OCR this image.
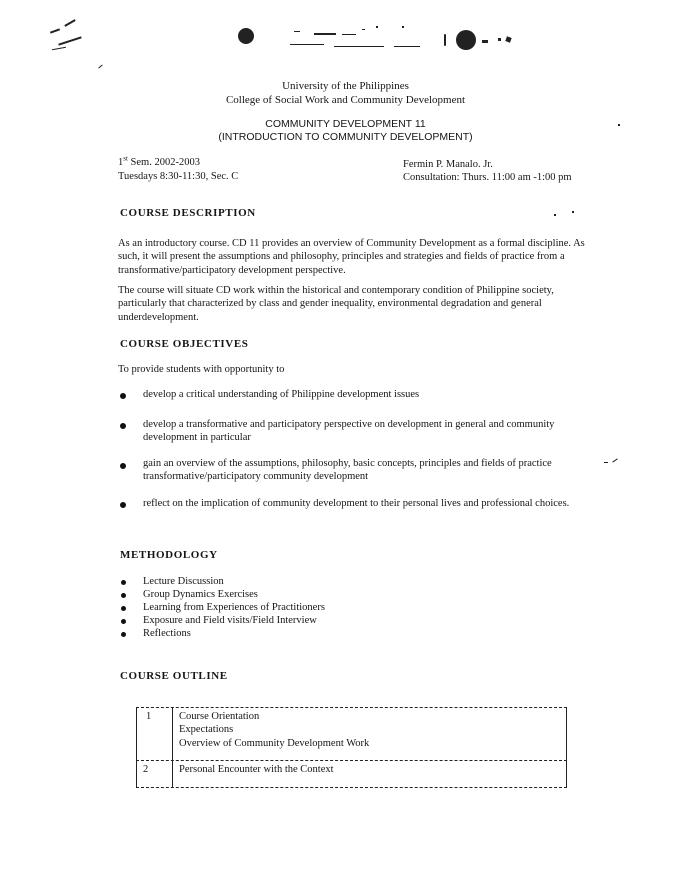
University of the Philippines
College of Social Work and Community Development
COMMUNITY DEVELOPMENT 11
(INTRODUCTION TO COMMUNITY DEVELOPMENT)
1st Sem. 2002-2003
Tuesdays 8:30-11:30, Sec. C
Fermin P. Manalo. Jr.
Consultation: Thurs. 11:00 am -1:00 pm
COURSE DESCRIPTION
As an introductory course. CD 11 provides an overview of Community Development as a formal discipline. As such, it will present the assumptions and philosophy, principles and strategies and fields of practice from a transformative/participatory development perspective.
The course will situate CD work within the historical and contemporary condition of Philippine society, particularly that characterized by class and gender inequality, environmental degradation and general underdevelopment.
COURSE OBJECTIVES
To provide students with opportunity to
develop a critical understanding of Philippine development issues
develop a transformative and participatory perspective on development in general and community development in particular
gain an overview of the assumptions, philosophy, basic concepts, principles and fields of practice transformative/participatory community development
reflect on the implication of community development to their personal lives and professional choices.
METHODOLOGY
Lecture Discussion
Group Dynamics Exercises
Learning from Experiences of Practitioners
Exposure and Field visits/Field Interview
Reflections
COURSE OUTLINE
1	Course Orientation
Expectations
Overview of Community Development Work
2	Personal Encounter with the Context
